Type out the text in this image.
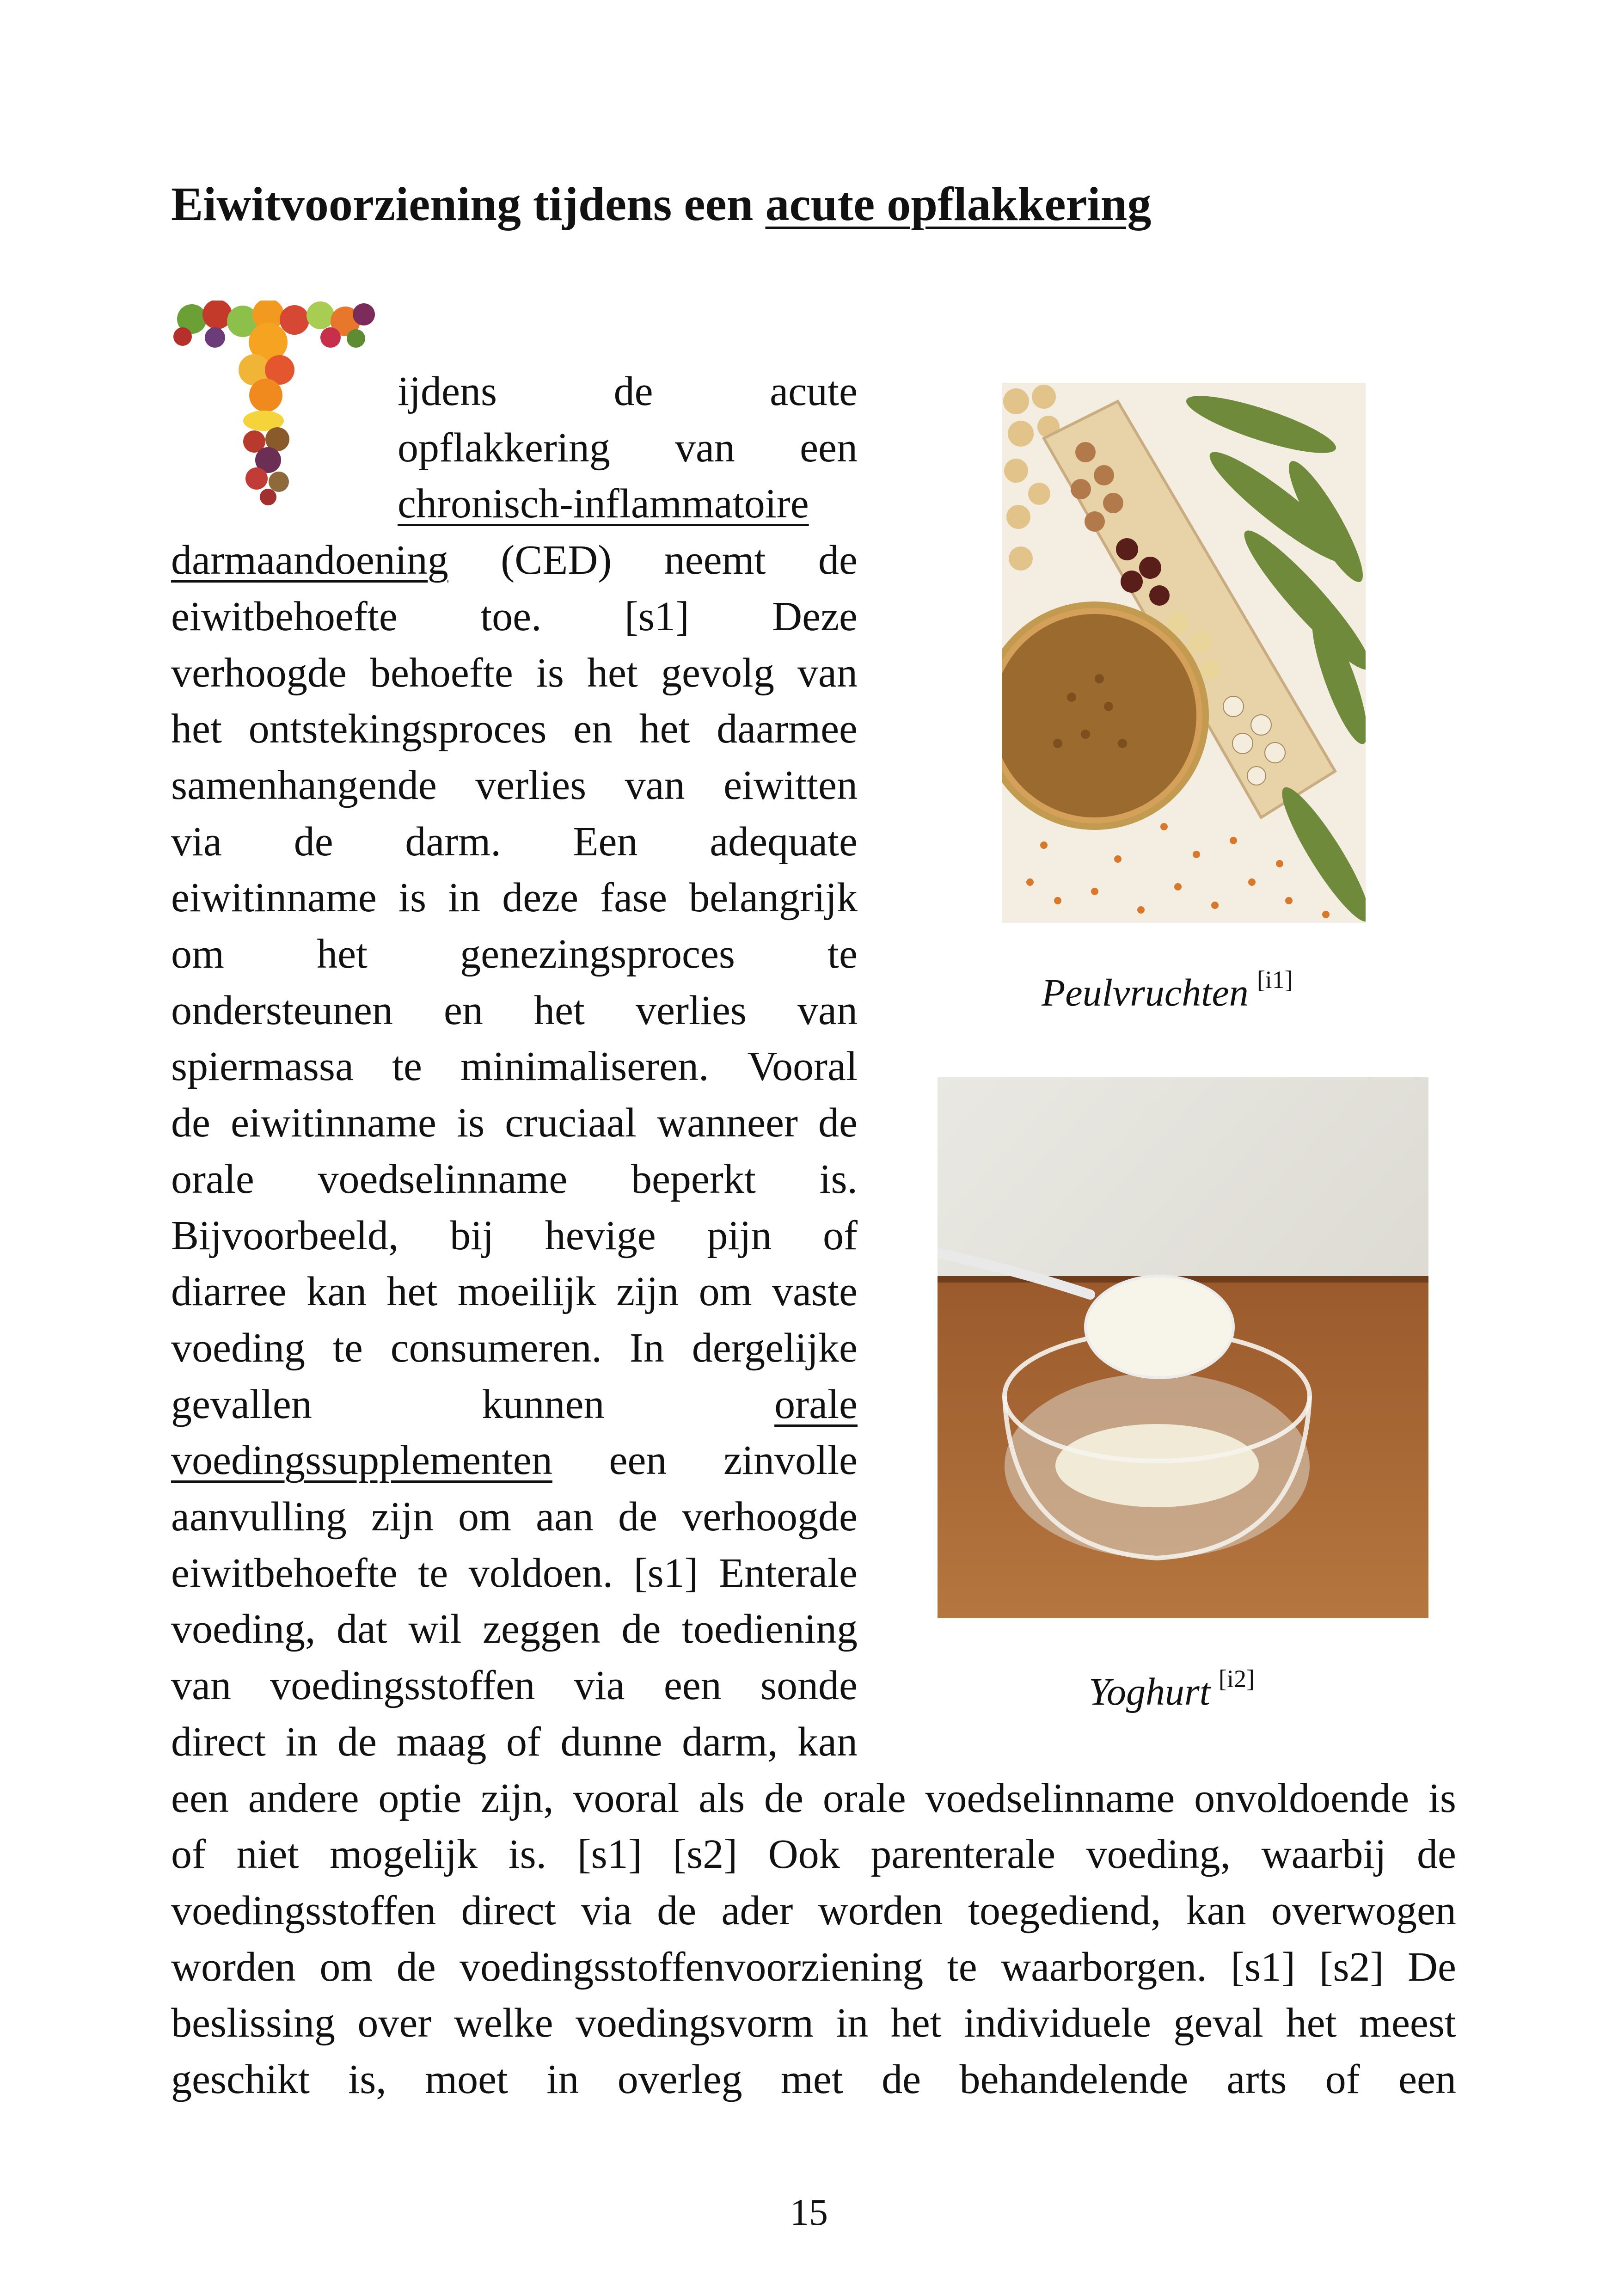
Eiwitvoorziening tijdens een acute opflakkering
ijdens	de	acute
opflakkering van een
chronisch-inflammatoire
darmaandoening (CED) neemt de
eiwitbehoefte toe. [s1] Deze
verhoogde behoefte is het gevolg van
het ontstekingsproces en het daarmee
samenhangende verlies van eiwitten
via de darm. Een adequate
eiwitinname is in deze fase belangrijk
om het genezingsproces te
ondersteunen en het verlies van
spiermassa te minimaliseren. Vooral
de eiwitinname is cruciaal wanneer de
orale voedselinname beperkt is.
Bijvoorbeeld, bij hevige pijn of
diarree kan het moeilijk zijn om vaste
voeding te consumeren. In dergelijke
gevallen	kunnen	orale
voedingssupplementen een zinvolle
aanvulling zijn om aan de verhoogde
eiwitbehoefte te voldoen. [s1] Enterale
voeding, dat wil zeggen de toediening
van voedingsstoffen via een sonde
direct in de maag of dunne darm, kan
een andere optie zijn, vooral als de orale voedselinname onvoldoende is
of niet mogelijk is. [s1] [s2] Ook parenterale voeding, waarbij de
voedingsstoffen direct via de ader worden toegediend, kan overwogen
worden om de voedingsstoffenvoorziening te waarborgen. [s1] [s2] De
beslissing over welke voedingsvorm in het individuele geval het meest
geschikt is, moet in overleg met de behandelende arts of een
Peulvruchten [i1]
Yoghurt [i2]
15
